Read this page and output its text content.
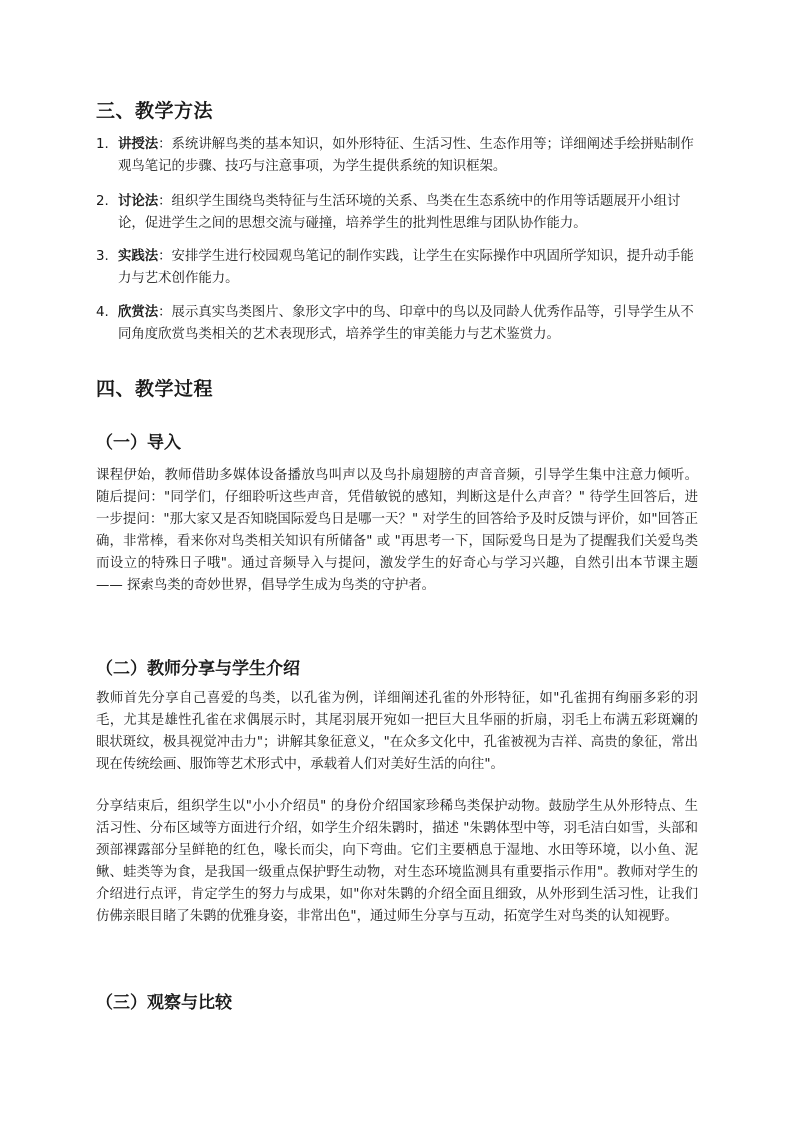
三、教学方法
1. 讲授法：系统讲解鸟类的基本知识，如外形特征、生活习性、生态作用等；详细阐述手绘拼贴制作观鸟笔记的步骤、技巧与注意事项，为学生提供系统的知识框架。
2. 讨论法：组织学生围绕鸟类特征与生活环境的关系、鸟类在生态系统中的作用等话题展开小组讨论，促进学生之间的思想交流与碰撞，培养学生的批判性思维与团队协作能力。
3. 实践法：安排学生进行校园观鸟笔记的制作实践，让学生在实际操作中巩固所学知识，提升动手能力与艺术创作能力。
4. 欣赏法：展示真实鸟类图片、象形文字中的鸟、印章中的鸟以及同龄人优秀作品等，引导学生从不同角度欣赏鸟类相关的艺术表现形式，培养学生的审美能力与艺术鉴赏力。
四、教学过程
（一）导入
课程伊始，教师借助多媒体设备播放鸟叫声以及鸟扑扇翅膀的声音音频，引导学生集中注意力倾听。随后提问："同学们，仔细聆听这些声音，凭借敏锐的感知，判断这是什么声音？" 待学生回答后，进一步提问："那大家又是否知晓国际爱鸟日是哪一天？" 对学生的回答给予及时反馈与评价，如"回答正确，非常棒，看来你对鸟类相关知识有所储备" 或 "再思考一下，国际爱鸟日是为了提醒我们关爱鸟类而设立的特殊日子哦"。通过音频导入与提问，激发学生的好奇心与学习兴趣，自然引出本节课主题 —— 探索鸟类的奇妙世界，倡导学生成为鸟类的守护者。
（二）教师分享与学生介绍
教师首先分享自己喜爱的鸟类，以孔雀为例，详细阐述孔雀的外形特征，如"孔雀拥有绚丽多彩的羽毛，尤其是雄性孔雀在求偶展示时，其尾羽展开宛如一把巨大且华丽的折扇，羽毛上布满五彩斑斓的眼状斑纹，极具视觉冲击力"；讲解其象征意义，"在众多文化中，孔雀被视为吉祥、高贵的象征，常出现在传统绘画、服饰等艺术形式中，承载着人们对美好生活的向往"。
分享结束后，组织学生以"小小介绍员" 的身份介绍国家珍稀鸟类保护动物。鼓励学生从外形特点、生活习性、分布区域等方面进行介绍，如学生介绍朱鹮时，描述 "朱鹮体型中等，羽毛洁白如雪，头部和颈部裸露部分呈鲜艳的红色，喙长而尖，向下弯曲。它们主要栖息于湿地、水田等环境，以小鱼、泥鳅、蛙类等为食，是我国一级重点保护野生动物，对生态环境监测具有重要指示作用"。教师对学生的介绍进行点评，肯定学生的努力与成果，如"你对朱鹮的介绍全面且细致，从外形到生活习性，让我们仿佛亲眼目睹了朱鹮的优雅身姿，非常出色"，通过师生分享与互动，拓宽学生对鸟类的认知视野。
（三）观察与比较
